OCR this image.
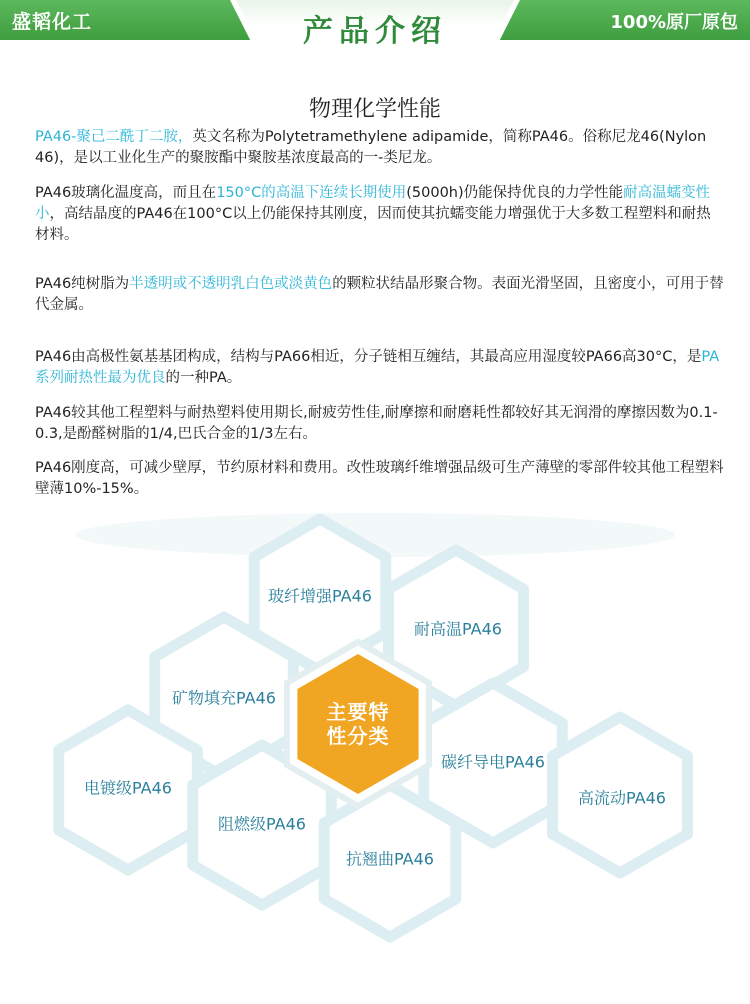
盛韬化工	100%原厂原包
产品介绍
物理化学性能
PA46-聚己二酰丁二胺，英文名称为Polytetramethylene adipamide，简称PA46。俗称尼龙46(Nylon 46)，是以工业化生产的聚胺酯中聚胺基浓度最高的一-类尼龙。
PA46玻璃化温度高，而且在150°C的高温下连续长期使用(5000h)仍能保持优良的力学性能耐高温蠕变性小，高结晶度的PA46在100°C以上仍能保持其刚度，因而使其抗蠕变能力增强优于大多数工程塑料和耐热材料。
PA46纯树脂为半透明或不透明乳白色或淡黄色的颗粒状结晶形聚合物。表面光滑坚固，且密度小，可用于替代金属。
PA46由高极性氨基基团构成，结构与PA66相近，分子链相互缠结，其最高应用湿度较PA66高30°C，是PA系列耐热性最为优良的一种PA。
PA46较其他工程塑料与耐热塑料使用期长,耐疲劳性佳,耐摩擦和耐磨耗性都较好其无润滑的摩擦因数为0.1-0.3,是酚醛树脂的1/4,巴氏合金的1/3左右。
PA46刚度高，可减少壁厚，节约原材料和费用。改性玻璃纤维增强品级可生产薄壁的零部件较其他工程塑料壁薄10%-15%。
玻纤增强PA46
耐高温PA46
矿物填充PA46
碳纤导电PA46
电镀级PA46
阻燃级PA46
高流动PA46
抗翘曲PA46
主要特
性分类
